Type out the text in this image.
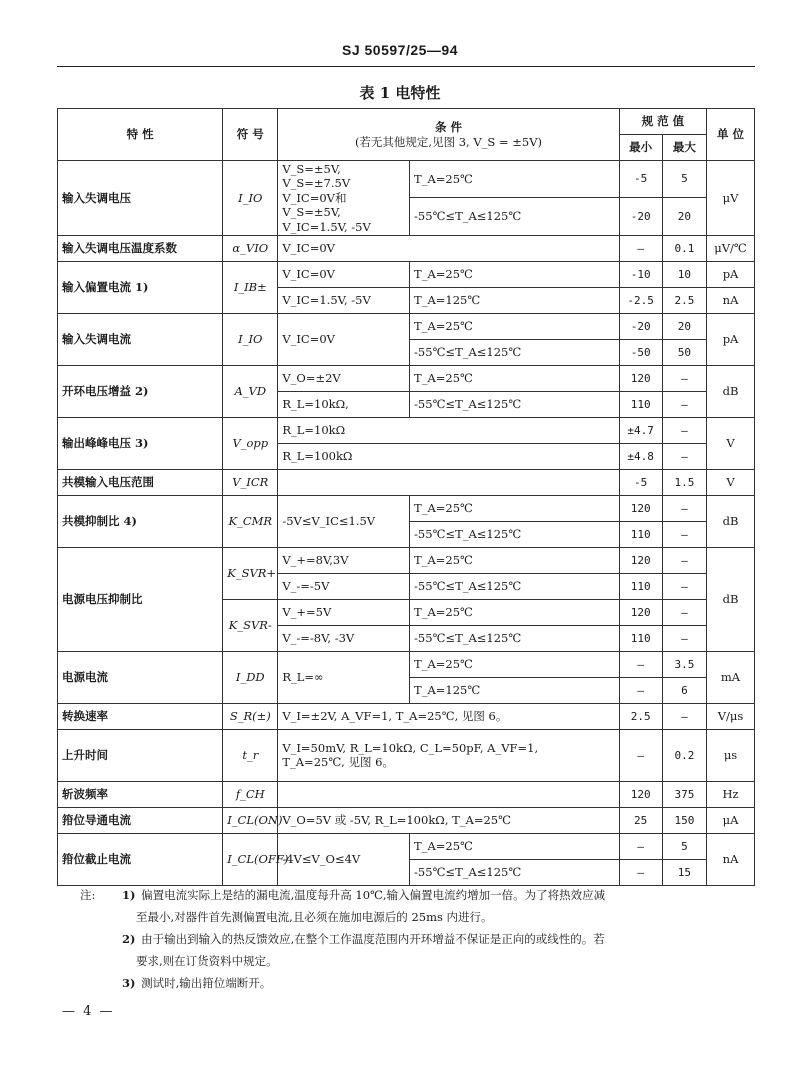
SJ 50597/25—94
表 1 电特性
特 性	符 号	条 件
(若无其他规定,见图 3, V_S = ±5V)		规 范 值		单 位
				最小	最大	
输入失调电压	I_IO	V_S=±5V, V_S=±7.5V V_IC=0V和 V_S=±5V, V_IC=1.5V, -5V	T_A=25℃	-5	5	μV
			-55℃≤T_A≤125℃	-20	20	
输入失调电压温度系数	α_VIO	V_IC=0V		—	0.1	μV/℃
输入偏置电流 1)	I_IB±	V_IC=0V	T_A=25℃	-10	10	pA
		V_IC=1.5V, -5V	T_A=125℃	-2.5	2.5	nA
输入失调电流	I_IO	V_IC=0V	T_A=25℃	-20	20	pA
			-55℃≤T_A≤125℃	-50	50	
开环电压增益 2)	A_VD	V_O=±2V	T_A=25℃	120	—	dB
		R_L=10kΩ,	-55℃≤T_A≤125℃	110	—	
输出峰峰电压 3)	V_opp	R_L=10kΩ		±4.7	—	V
		R_L=100kΩ		±4.8	—	
共模输入电压范围	V_ICR			-5	1.5	V
共模抑制比 4)	K_CMR	-5V≤V_IC≤1.5V	T_A=25℃	120	—	dB
			-55℃≤T_A≤125℃	110	—	
电源电压抑制比	K_SVR+	V_+=8V,3V	T_A=25℃	120	—	dB
		V_-=-5V	-55℃≤T_A≤125℃	110	—	
	K_SVR-	V_+=5V	T_A=25℃	120	—	
		V_-=-8V, -3V	-55℃≤T_A≤125℃	110	—	
电源电流	I_DD	R_L=∞	T_A=25℃	—	3.5	mA
			T_A=125℃	—	6	
转换速率	S_R(±)	V_I=±2V, A_VF=1, T_A=25℃, 见图 6。		2.5	—	V/μs
上升时间	t_r	V_I=50mV, R_L=10kΩ, C_L=50pF, A_VF=1,
T_A=25℃, 见图 6。		—	0.2	μs
斩波频率	f_CH			120	375	Hz
箝位导通电流	I_CL(ON)	V_O=5V 或 -5V, R_L=100kΩ, T_A=25℃		25	150	μA
箝位截止电流	I_CL(OFF)	-4V≤V_O≤4V	T_A=25℃	—	5	nA
			-55℃≤T_A≤125℃	—	15	
注: 1) 偏置电流实际上是结的漏电流,温度每升高 10℃,输入偏置电流约增加一倍。为了将热效应减
至最小,对器件首先测偏置电流,且必须在施加电源后的 25ms 内进行。
2) 由于输出到输入的热反馈效应,在整个工作温度范围内开环增益不保证是正向的或线性的。若
要求,则在订货资料中规定。
3) 测试时,输出箝位端断开。
— 4 —
